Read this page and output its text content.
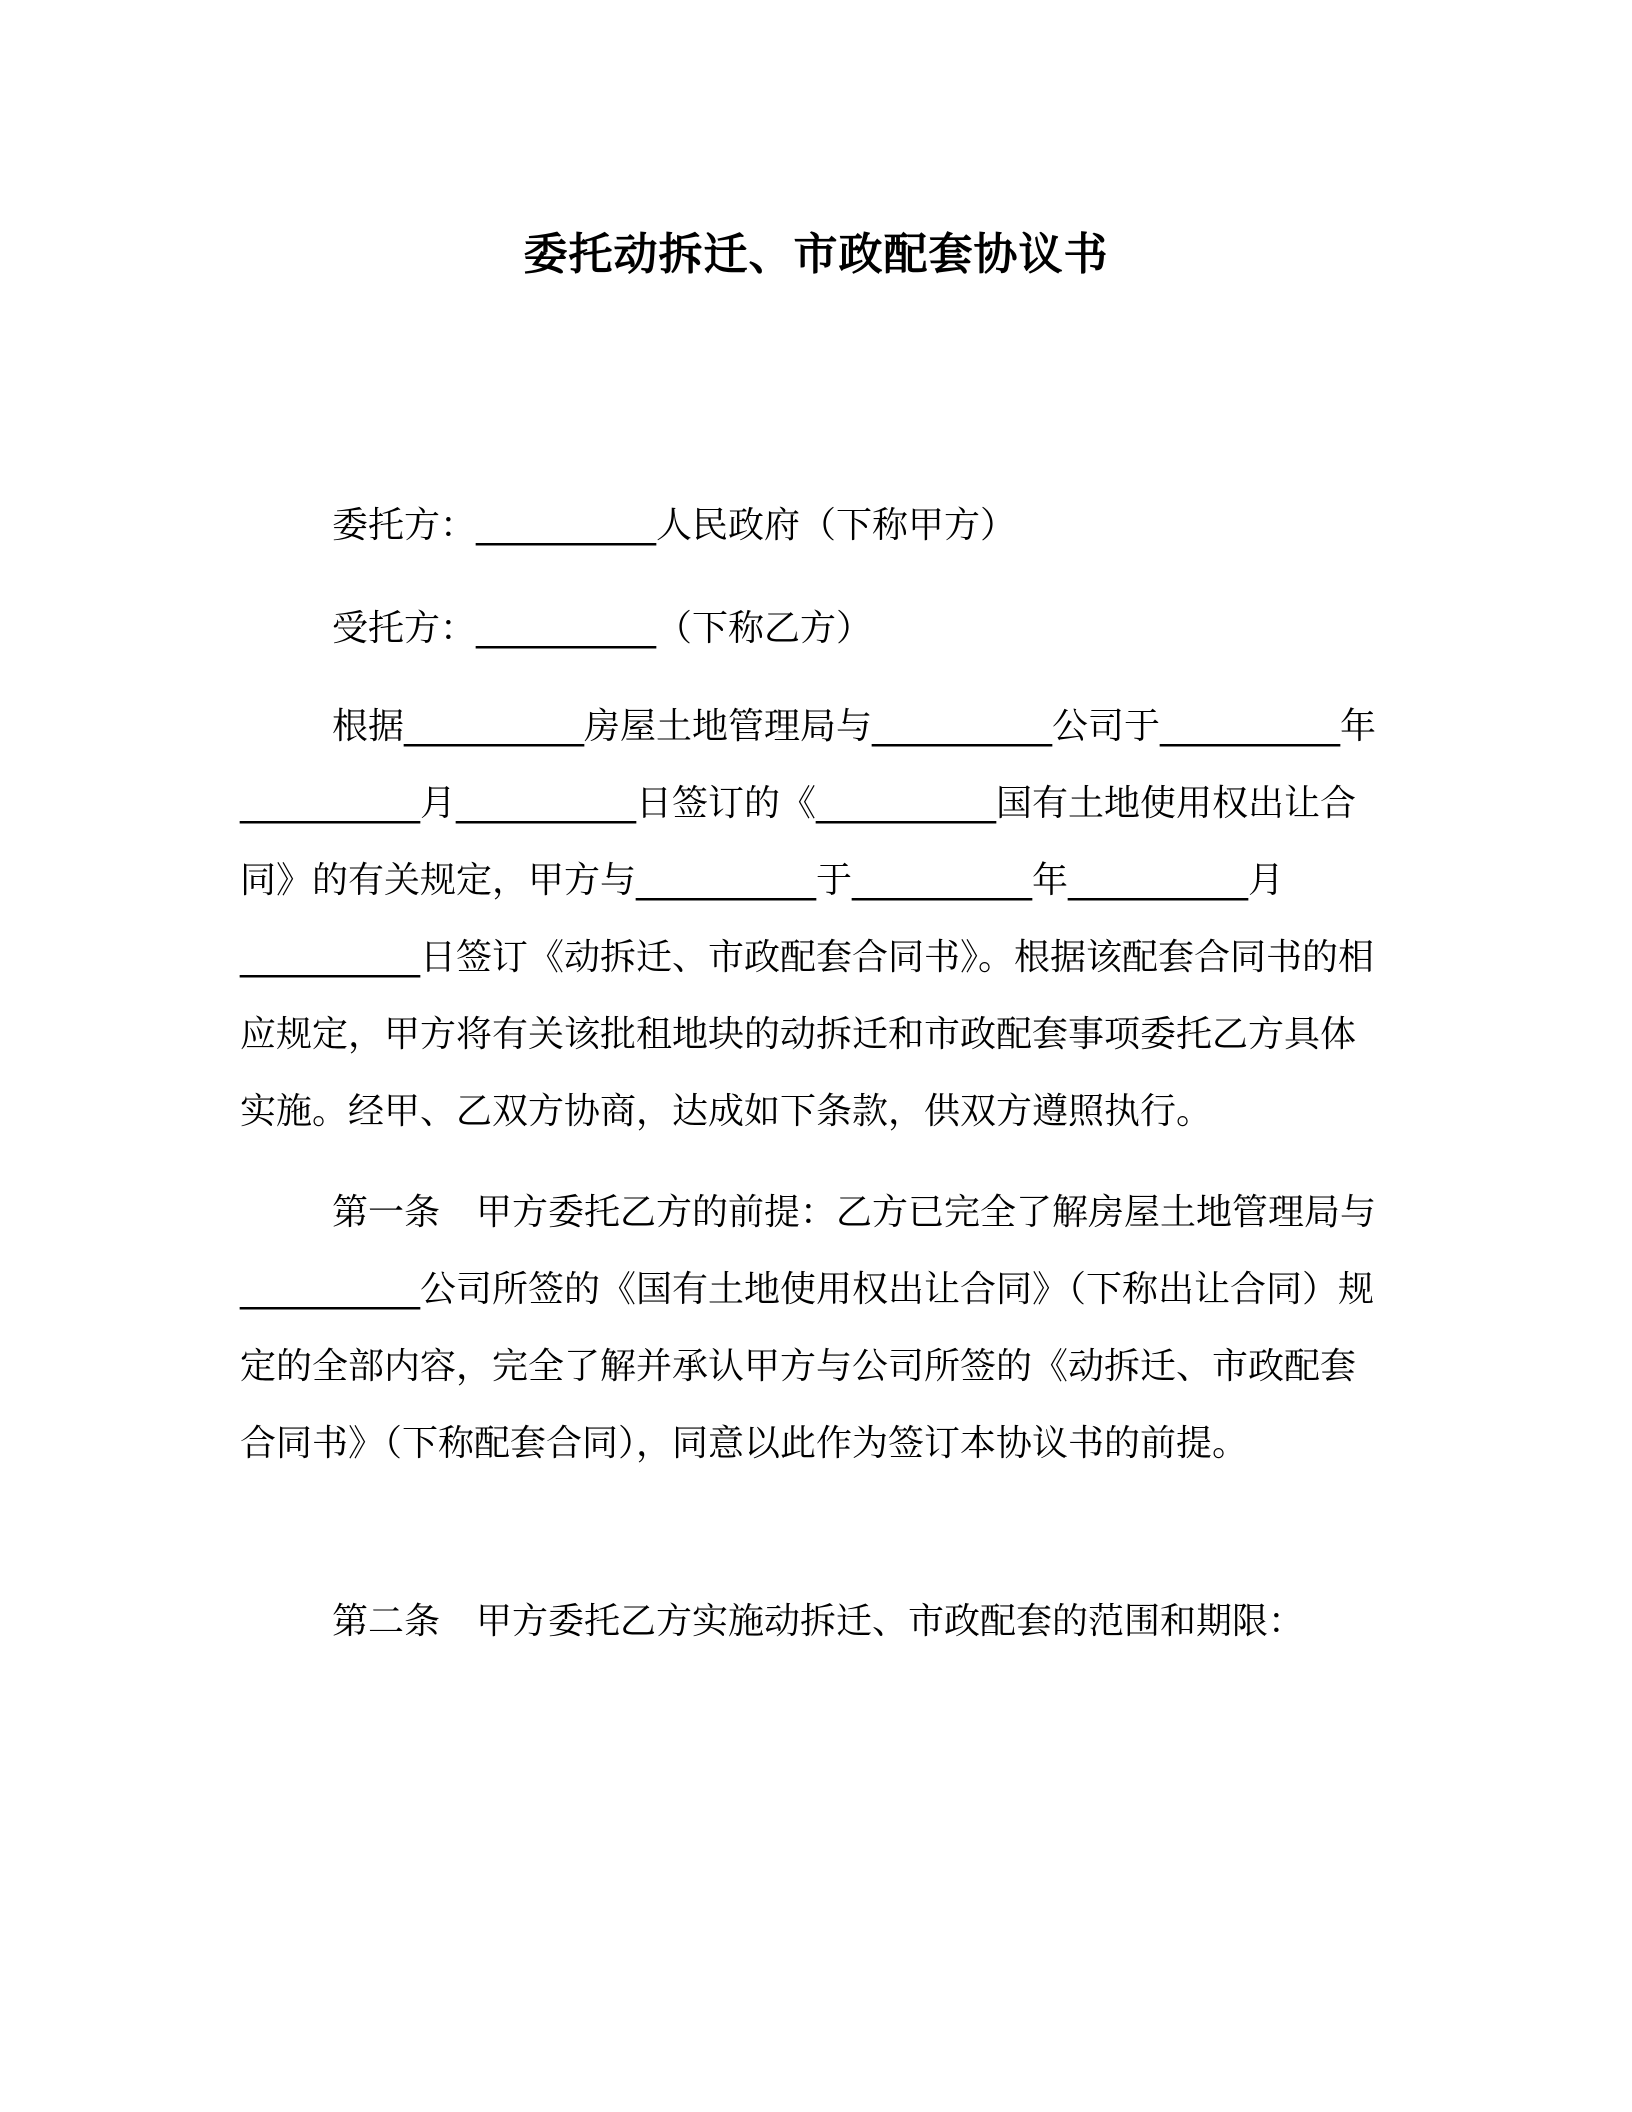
委托动拆迁、市政配套协议书
委托方：__________人民政府（下称甲方）
受托方：__________（下称乙方）

根据__________房屋土地管理局与__________公司于__________年__________月__________日签订的《__________国有土地使用权出让合同》的有关规定，甲方与__________于__________年__________月__________日签订《动拆迁、市政配套合同书》。根据该配套合同书的相应规定，甲方将有关该批租地块的动拆迁和市政配套事项委托乙方具体实施。经甲、乙双方协商，达成如下条款，供双方遵照执行。

第一条　甲方委托乙方的前提：乙方已完全了解房屋土地管理局与__________公司所签的《国有土地使用权出让合同》（下称出让合同）规定的全部内容，完全了解并承认甲方与公司所签的《动拆迁、市政配套合同书》（下称配套合同），同意以此作为签订本协议书的前提。

第二条　甲方委托乙方实施动拆迁、市政配套的范围和期限：
